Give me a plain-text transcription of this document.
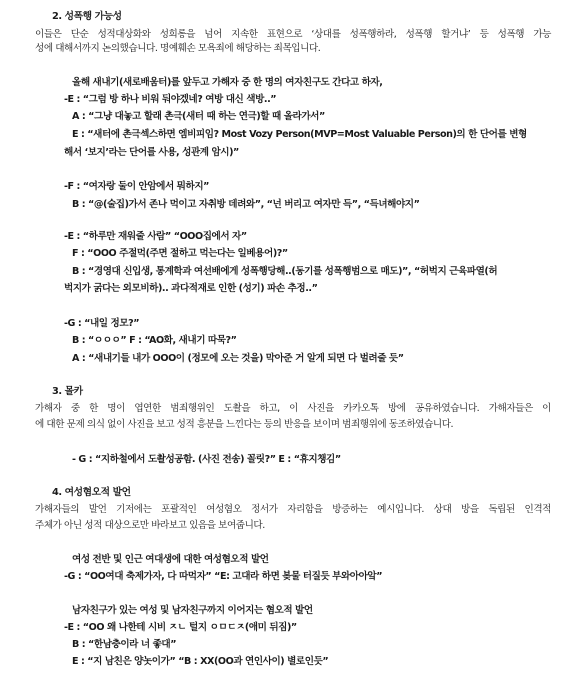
2. 성폭행 가능성
이들은 단순 성적대상화와 성희롱을 넘어 지속한 표현으로 ‘상대를 성폭행하라, 성폭행 할거냐’ 등 성폭행 가능
성에 대해서까지 논의했습니다. 명예훼손 모욕죄에 해당하는 죄목입니다.
올해 새내기(새로배움터)를 앞두고 가해자 중 한 명의 여자친구도 간다고 하자,
-E : “그럼 방 하나 비워 둬야겠네? 여방 대신 색방..”
A : “그냥 대놓고 할래 촌극(새터 때 하는 연극)할 때 올라가서”
E : “새터에 촌극섹스하면 엠비피임? Most Vozy Person(MVP=Most Valuable Person)의 한 단어를 변형
해서 ‘보지’라는 단어를 사용, 성관계 암시)”
-F : “여자랑 둘이 안암에서 뭐하지”
B : “@(술집)가서 존나 먹이고 자취방 데려와”, “넌 버리고 여자만 득”, “득녀해야지”
-E : “하루만 재워줄 사람” “OOO집에서 자”
F : “OOO 주절먹(주면 절하고 먹는다는 일베용어)?”
B : “경영대 신입생, 통계학과 여선배에게 성폭행당해..(동기를 성폭행범으로 매도)”, “허벅지 근육파열(허
벅지가 굵다는 외모비하).. 과다적재로 인한 (성기) 파손 추정..”
-G : “내일 정모?”
B : “ㅇㅇㅇ” F : “AO화, 새내기 따묵?”
A : “새내기들 내가 OOO이 (정모에 오는 것을) 막아준 거 알게 되면 다 벌려줄 듯”
3. 몰카
가해자 중 한 명이 엽연한 범죄행위인 도촬을 하고, 이 사진을 카카오톡 방에 공유하였습니다. 가해자들은 이
에 대한 문제 의식 없이 사진을 보고 성적 흥분을 느낀다는 등의 반응을 보이며 범죄행위에 동조하였습니다.
- G : “지하철에서 도촬성공함. (사진 전송) 꼴릿?” E : “휴지챙김”
4. 여성혐오적 발언
가해자들의 발언 기저에는 포괄적인 여성혐오 정서가 자리함을 방증하는 예시입니다. 상대 방을 독립된 인격적
주체가 아닌 성적 대상으로만 바라보고 있음을 보여줍니다.
여성 전반 및 인근 여대생에 대한 여성혐오적 발언
-G : “OO여대 축제가자, 다 따먹자” “E: 고대라 하면 봊물 터질듯 부와아아앜”
남자친구가 있는 여성 및 남자친구까지 이어지는 혐오적 발언
-E : “OO 왜 나한테 시비 ㅈㄴ 털지 ㅇㅁㄷㅈ(애미 뒤짐)”
B : “한남충이라 너 좋대”
E : “지 남친은 양놋이가” “B : XX(OO과 연인사이) 별로인듯”
